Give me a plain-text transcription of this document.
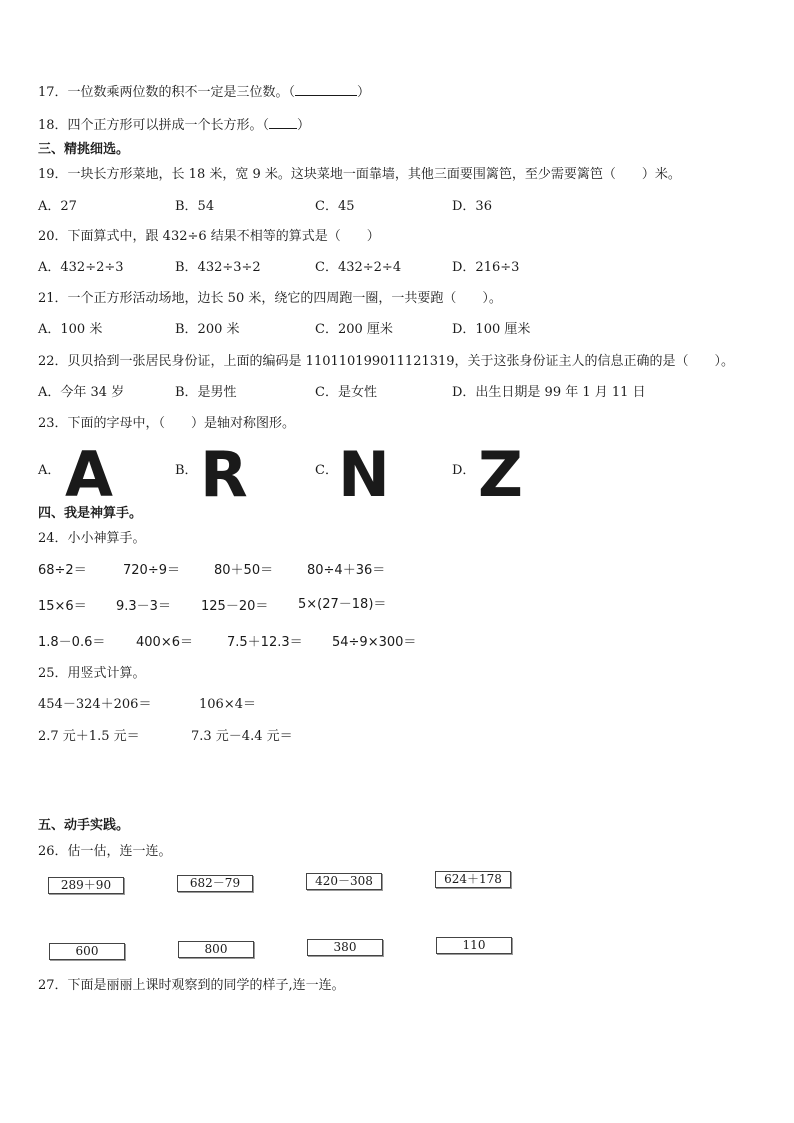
17．一位数乘两位数的积不一定是三位数。（	）
18．四个正方形可以拼成一个长方形。（ ）
三、精挑细选。
19．一块长方形菜地，长 18 米，宽 9 米。这块菜地一面靠墙，其他三面要围篱笆，至少需要篱笆（　　）米。
A．27	B．54	C．45	D．36
20．下面算式中，跟 432÷6 结果不相等的算式是（　　）
A．432÷2÷3	B．432÷3÷2	C．432÷2÷4	D．216÷3
21．一个正方形活动场地，边长 50 米，绕它的四周跑一圈，一共要跑（　　）。
A．100 米	B．200 米	C．200 厘米	D．100 厘米
22．贝贝拾到一张居民身份证，上面的编码是 110110199011121319，关于这张身份证主人的信息正确的是（　　）。
A．今年 34 岁	B．是男性	C．是女性	D．出生日期是 99 年 1 月 11 日
23．下面的字母中，（　　）是轴对称图形。
A． A	B． R	C． N	D． Z
四、我是神算手。
24．小小神算手。
68÷2＝	720÷9＝	80＋50＝	80÷4＋36＝
15×6＝ 9.3－3＝ 125－20＝ 5×(27－18)＝
1.8－0.6＝ 400×6＝	7.5＋12.3＝ 54÷9×300＝
25．用竖式计算。
454－324＋206＝	106×4＝
2.7 元＋1.5 元＝	7.3 元－4.4 元＝
五、动手实践。
26．估一估，连一连。
289＋90	682－79	420－308	624＋178
600	800	380	110
27．下面是丽丽上课时观察到的同学的样子,连一连。
